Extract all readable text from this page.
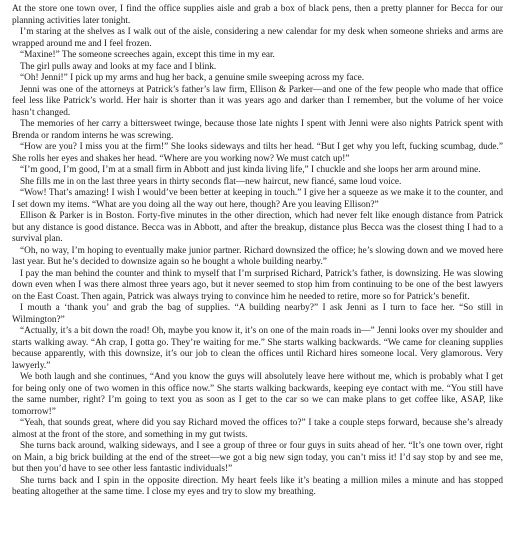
At the store one town over, I find the office supplies aisle and grab a box of black pens, then a pretty planner for Becca for our planning activities later tonight.

I’m staring at the shelves as I walk out of the aisle, considering a new calendar for my desk when someone shrieks and arms are wrapped around me and I feel frozen.

“Maxine!” The someone screeches again, except this time in my ear.

The girl pulls away and looks at my face and I blink.

“Oh! Jenni!” I pick up my arms and hug her back, a genuine smile sweeping across my face.

Jenni was one of the attorneys at Patrick’s father’s law firm, Ellison & Parker—and one of the few people who made that office feel less like Patrick’s world. Her hair is shorter than it was years ago and darker than I remember, but the volume of her voice hasn’t changed.

The memories of her carry a bittersweet twinge, because those late nights I spent with Jenni were also nights Patrick spent with Brenda or random interns he was screwing.

“How are you? I miss you at the firm!” She looks sideways and tilts her head. “But I get why you left, fucking scumbag, dude.” She rolls her eyes and shakes her head. “Where are you working now? We must catch up!”

“I’m good, I’m good, I’m at a small firm in Abbott and just kinda living life,” I chuckle and she loops her arm around mine.

She fills me in on the last three years in thirty seconds flat—new haircut, new fiancé, same loud voice.

“Wow! That’s amazing! I wish I would’ve been better at keeping in touch.” I give her a squeeze as we make it to the counter, and I set down my items. “What are you doing all the way out here, though? Are you leaving Ellison?”

Ellison & Parker is in Boston. Forty-five minutes in the other direction, which had never felt like enough distance from Patrick but any distance is good distance. Becca was in Abbott, and after the breakup, distance plus Becca was the closest thing I had to a survival plan.

“Oh, no way, I’m hoping to eventually make junior partner. Richard downsized the office; he’s slowing down and we moved here last year. But he’s decided to downsize again so he bought a whole building nearby.”

I pay the man behind the counter and think to myself that I’m surprised Richard, Patrick’s father, is downsizing. He was slowing down even when I was there almost three years ago, but it never seemed to stop him from continuing to be one of the best lawyers on the East Coast. Then again, Patrick was always trying to convince him he needed to retire, more so for Patrick’s benefit.

I mouth a ‘thank you’ and grab the bag of supplies. “A building nearby?” I ask Jenni as I turn to face her. “So still in Wilmington?”

“Actually, it’s a bit down the road! Oh, maybe you know it, it’s on one of the main roads in—” Jenni looks over my shoulder and starts walking away. “Ah crap, I gotta go. They’re waiting for me.” She starts walking backwards. “We came for cleaning supplies because apparently, with this downsize, it’s our job to clean the offices until Richard hires someone local. Very glamorous. Very lawyerly.”

We both laugh and she continues, “And you know the guys will absolutely leave here without me, which is probably what I get for being only one of two women in this office now.” She starts walking backwards, keeping eye contact with me. “You still have the same number, right? I’m going to text you as soon as I get to the car so we can make plans to get coffee like, ASAP, like tomorrow!”

“Yeah, that sounds great, where did you say Richard moved the offices to?” I take a couple steps forward, because she’s already almost at the front of the store, and something in my gut twists.

She turns back around, walking sideways, and I see a group of three or four guys in suits ahead of her. “It’s one town over, right on Main, a big brick building at the end of the street—we got a big new sign today, you can’t miss it! I’d say stop by and see me, but then you’d have to see other less fantastic individuals!”

She turns back and I spin in the opposite direction. My heart feels like it’s beating a million miles a minute and has stopped beating altogether at the same time. I close my eyes and try to slow my breathing.
